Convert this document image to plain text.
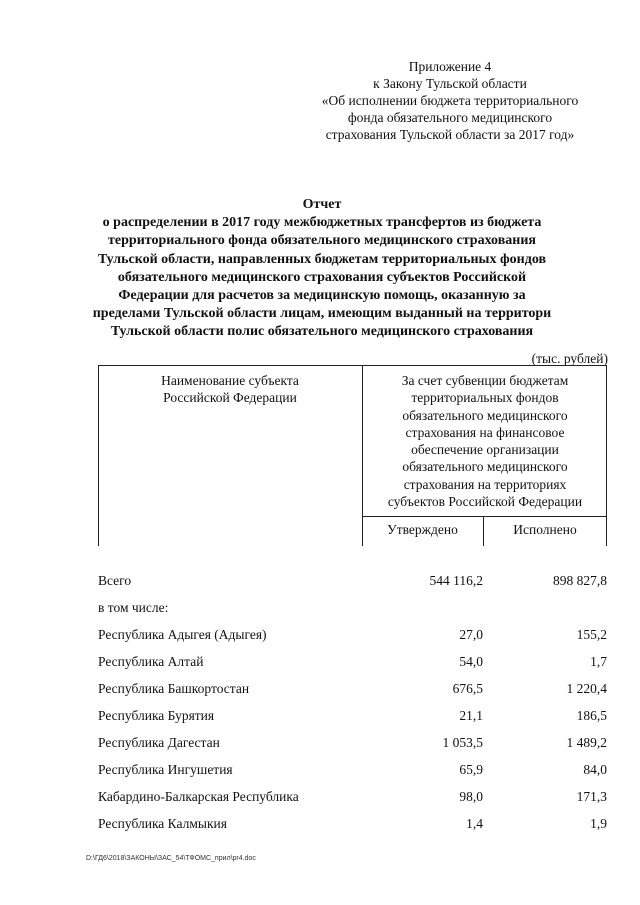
Приложение 4
к Закону Тульской области
«Об исполнении бюджета территориального
фонда обязательного медицинского
страхования Тульской области за 2017 год»
Отчет
о распределении в 2017 году межбюджетных трансфертов из бюджета
территориального фонда обязательного медицинского страхования
Тульской области, направленных бюджетам территориальных фондов
обязательного медицинского страхования субъектов Российской
Федерации для расчетов за медицинскую помощь, оказанную за
пределами Тульской области лицам, имеющим выданный на территори
Тульской области полис обязательного медицинского страхования
(тыс. рублей)
Наименование субъекта
Российской Федерации
За счет субвенции бюджетам
территориальных фондов
обязательного медицинского
страхования на финансовое
обеспечение организации
обязательного медицинского
страхования на территориях
субъектов Российской Федерации
Утверждено	Исполнено
Всего	544 116,2	898 827,8
в том числе:
Республика Адыгея (Адыгея)	27,0	155,2
Республика Алтай	54,0	1,7
Республика Башкортостан	676,5	1 220,4
Республика Бурятия	21,1	186,5
Республика Дагестан	1 053,5	1 489,2
Республика Ингушетия	65,9	84,0
Кабардино-Балкарская Республика	98,0	171,3
Республика Калмыкия	1,4	1,9
D:\ГД6\2018\ЗАКОНЫ\ЗАС_54\ТФОМС_прил\pr4.doc
